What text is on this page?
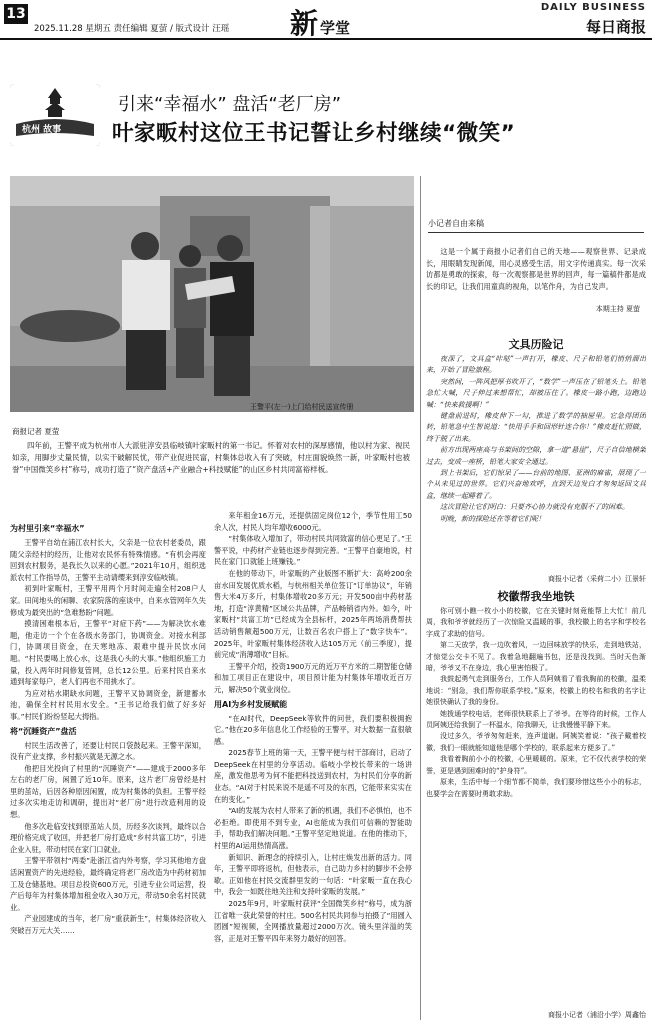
13
2025.11.28 星期五 责任编辑 夏萤 / 版式设计 汪瑶 新学堂
DAILY BUSINESS
每日商报
杭州 故事
引来“幸福水” 盘活“老厂房”
叶家畈村这位王书记誓让乡村继续“微笑”
王警平(左一)上门给村民送宣传册
商报记者 夏萤
四年前，王警平成为杭州市人大派驻淳安县临岐镇叶家畈村的第一书记。怀着对农村的深厚感情，他以村为家、视民如亲，用脚步丈量民情，以实干破解民忧，带产业促进民富，村集体总收入有了突破，村庄面貌焕然一新，叶家畈村也被誉“中国微笑乡村”称号，成功打造了“资产盘活+产业融合+科技赋能”的山区乡村共同富裕样板。
为村里引来“幸福水”

王警平自幼在浦江农村长大，父亲是一位农村老委员，跟随父亲经村的经历，让他对农民怀有特殊情感。“有机会再度回到农村服务，是我长久以来的心愿。”2021年10月，组织选派农村工作指导员，王警平主动请缨来到淳安临岐镇。

初到叶家畈村，王警平用两个月时间走遍全村208户人家。田间地头的闲聊、农家院落的座谈中，自来水管网年久失修成为最突出的“急难愁盼”问题。

摸清困难根本后，王警平“对症下药”——为解决饮水难题，他走访一个个在各级水务部门，协调资金。对接水利部门，协调项目资金，在天寒地冻、艰难中提升民饮水问题。“村民要喝上放心水，这是我心头的大事。”他组织施工力量，投入两年时间修复管网，总长12公里。后来村民自来水通到每家每户，老人们再也不用挑水了。

为应对枯水期缺水问题，王警平又协调资金，新建蓄水池，确保全村村民用水安全。“王书记给我们做了好多好事。”村民们纷纷竖起大拇指。

将“沉睡资产”盘活

村民生活改善了，还要让村民口袋鼓起来。王警平深知，没有产业支撑，乡村振兴就是无源之水。

他把目光投向了村里的“沉睡资产”——建成于2000多年左右的老厂房，闲置了近10年。原来，这片老厂房曾经是村里的茧站，后因各种原因闲置，成为村集体的负担。王警平经过多次实地走访和调研，提出对“老厂房”进行改造利用的设想。

他多次赴临安找到原茧站人员，历经多次谈判，最终以合理价格完成了收回，并把老厂房打造成“乡村共富工坊”，引进企业入驻，带动村民在家门口就业。

王警平带领村“两委”赴浙江省内外考察，学习其他地方盘活闲置资产的先进经验，最终确定将老厂房改造为中药材初加工及仓储基地。项目总投资600万元，引进专业公司运营，投产后每年为村集体增加租金收入30万元，带动50余名村民就业。

产业园建成的当年，老厂房“重获新生”，村集体经济收入突破百万元大关……

来年租金16万元，还提供固定岗位12个，季节性用工50余人次，村民人均年增收6000元。

“村集体收入增加了，带动村民共同致富的信心更足了。”王警平说，中药材产业链也逐步得到完善。“王警平自豪地说，村民在家门口就能上班赚钱。”

在他的带动下，叶家畈的产业版图不断扩大：高岭200余亩水田发展优质水稻，与杭州相关单位签订“订单协议”，年销售大米4万多斤，村集体增收20多万元；开发500亩中药材基地，打造“淳黄精”区域公共品牌，产品畅销省内外。如今，叶家畈村“共富工坊”已经成为全县标杆，2025年两场消费帮扶活动销售额超500万元，让数百名农户搭上了“数字快车”。2025年，叶家畈村集体经济收入达105万元（前三季度），提前完成“消薄增收”目标。

王警平介绍，投资1900万元的近万平方米的二期智能仓储和加工项目正在建设中，项目预计能为村集体年增收近百万元，解决50个就业岗位。

用AI为乡村发展赋能

“在AI时代，DeepSeek等软件的问世，我们要积极拥抱它。”他在20多年信息化工作经验的王警平，对大数据一直很敏感。

2025春节上班的第一天，王警平便与村干部商讨，启动了DeepSeek在村里的分享活动。临岐小学校长带来的一场讲座，激发他思考为何不能把科技送到农村，为村民们分享的新业态。“AI对于村民来说不是遥不可及的东西，它能带来实实在在的变化。”

“AI的发展为农村人带来了新的机遇，我们不必惧怕，也不必拒绝。即使用不到专业，AI也能成为我们可信赖的智能助手，帮助我们解决问题。”王警平坚定地说道。在他的推动下，村里的AI运用热情高涨。

新知识、新理念的持续引入，让村庄焕发出新的活力。同年，王警平即将返杭，但他表示，自己助力乡村的脚步不会停歇。正如他在村民交流群里发的一句话：“叶家畈一直在我心中，我会一如既往地关注和支持叶家畈的发展。”

2025年9月，叶家畈村获评“全国微笑乡村”称号，成为浙江省唯一获此荣誉的村庄。500名村民共同参与拍摄了“用圆入团圆”短视频，全网播放量超过2000万次。镜头里洋溢的笑容，正是对王警平四年来努力最好的回答。

小记者自由来稿
这是一个属于商报小记者们自己的天地——观察世界、记录成长，用眼睛发现新闻，用心灵感受生活，用文字传递真实。每一次采访都是勇敢的探索，每一次观察都是世界的回声，每一篇稿件都是成长的印记，让我们用童真的视角，以笔作舟，为自己发声。
本期主持 夏萤
文具历险记

夜深了，文具盒“咔哒”一声打开，橡皮、尺子和铅笔们悄悄溜出来，开始了冒险旅程。

突然间，一阵风把厚书吹开了，“数学”一声压在了铅笔头上。铅笔急忙大喊，尺子伸过来想帮忙，却被压住了。橡皮一路小跑，边跑边喊：“快来救援啊！”

键盘前进时，橡皮伸下一勾，推进了数学的抽屉里。它急得团团转，铅笔急中生智说道：“快用手手和回形针连合你！”橡皮赶忙照做，终于脱了出来。

前方出现两座高与书架间的空隙，拿一道“悬崖”，尺子自信地横架过去，变成一座桥，铅笔大家安全通过。

到上书架后，它们惊呆了——台前的地图、亚洲的麻雀，展现了一个从未见过的世界。它们兴奋地欢呼，直到天边发白才匆匆返回文具盒，继续一起睡着了。

这次冒险让它们明白：只要齐心协力就没有克服不了的困难。

明晚，新的探险还在等着它们呢！

商报小记者（采荷二小）江景轩
校徽帮我坐地铁

你可别小瞧一枚小小的校徽，它在关键时刻竟能帮上大忙！前几周，我和爷爷就经历了一次惊险又温暖的事，我校徽上的名字和学校名字成了求助的信号。

第二天放学，我一边吹着风，一边回味放学的快乐，走到地铁站，才惊觉公交卡不见了。我着急地翻遍书包，还是没找到。当时天色渐暗，爷爷又不在身边，我心里害怕极了。

我鼓起勇气走到服务台，工作人员阿姨看了看我胸前的校徽，温柔地说：“别急，我们帮你联系学校。”原来，校徽上的校名和我的名字让她很快确认了我的身份。

她拨通学校电话，老师很快联系上了爷爷。在等待的时候，工作人员阿姨还给我倒了一杯温水，陪我聊天，让我慢慢平静下来。

没过多久，爷爷匆匆赶来，连声道谢。阿姨笑着说：“孩子戴着校徽，我们一眼就能知道他是哪个学校的，联系起来方便多了。”

我看着胸前小小的校徽，心里暖暖的。原来，它不仅代表学校的荣誉，更是遇到困难时的“护身符”。

原来，生活中每一个细节都不简单，我们要珍惜这些小小的标志，也要学会在需要时勇敢求助。

商报小记者（浦沿小学）周鑫怡
